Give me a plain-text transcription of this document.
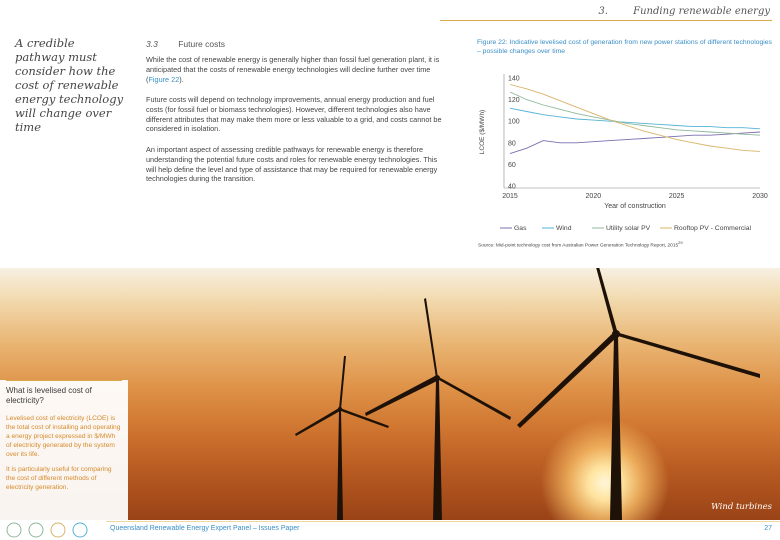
3.	Funding renewable energy
A credible pathway must consider how the cost of renewable energy technology will change over time
3.3 Future costs

While the cost of renewable energy is generally higher than fossil fuel generation plant, it is anticipated that the costs of renewable energy technologies will decline further over time (Figure 22).

Future costs will depend on technology improvements, annual energy production and fuel costs (for fossil fuel or biomass technologies). However, different technologies also have different attributes that may make them more or less valuable to a grid, and costs cannot be considered in isolation.

An important aspect of assessing credible pathways for renewable energy is therefore understanding the potential future costs and roles for renewable energy technologies. This will help define the level and type of assistance that may be required for renewable energy technologies during the transition.

Figure 22: Indicative levelised cost of generation from new power stations of different technologies – possible changes over time
40
60
80
100
120
140
2015	2020	2025	2030
LCOE ($/MWh)
Year of construction
Gas	Wind	Utility solar PV	Rooftop PV - Commercial
Source: Mid-point technology cost from Australian Power Generation Technology Report, 2015$^{29}$
Wind turbines
What is levelised cost of electricity?

Levelised cost of electricity (LCOE) is the total cost of installing and operating a energy project expressed in $/MWh of electricity generated by the system over its life.

It is particularly useful for comparing the cost of different methods of electricity generation.

Queensland Renewable Energy Expert Panel – Issues Paper	27
